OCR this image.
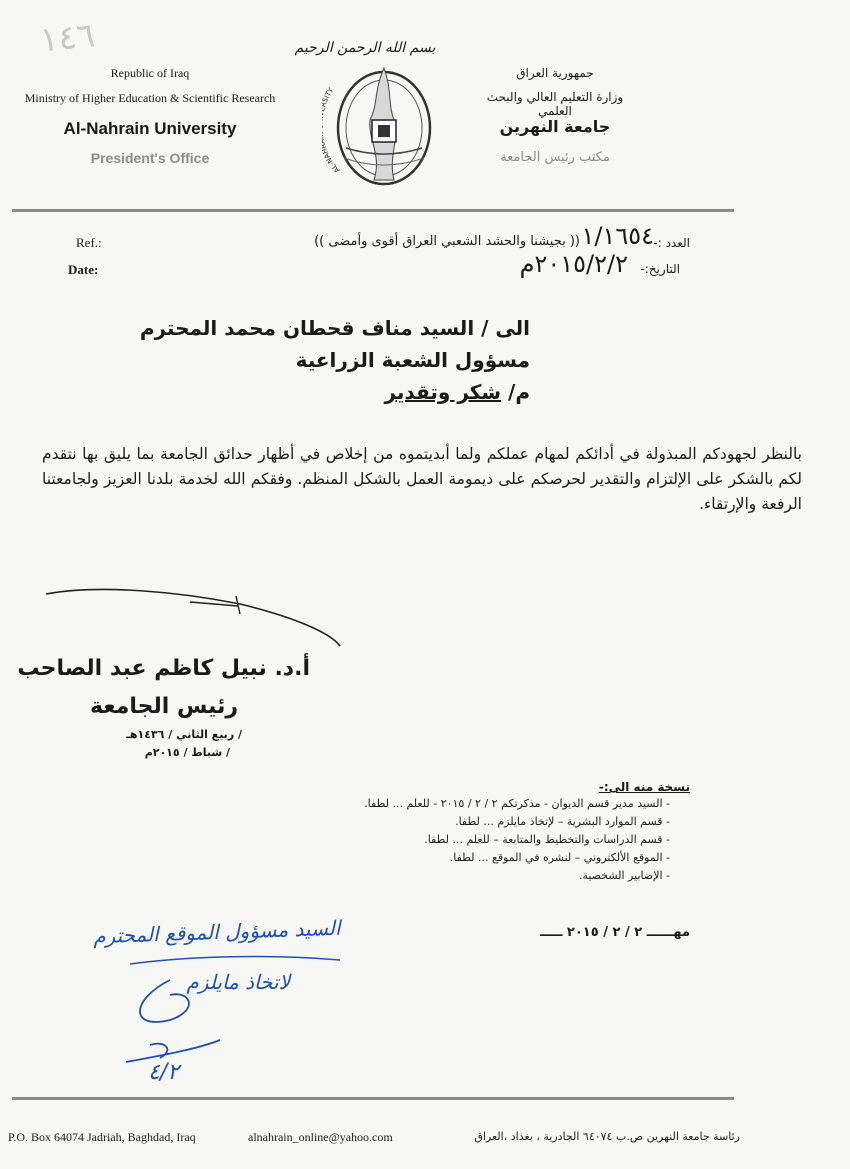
١٤٦
Republic of Iraq
Ministry of Higher Education & Scientific Research
Al-Nahrain University
President's Office
بسم الله الرحمن الرحيم
AL-NA ITY
جمهورية العراق
وزارة التعليم العالي والبحث العلمي
جامعة النهرين
مكتب رئيس الجامعة
Ref.:
Date:
العدد :-
١/١٦٥٤
(( بجيشنا والحشد الشعبي العراق أقوى وأمضى ))
التاريخ:-
٢٠١٥/٢/٢م
الى / السيد مناف قحطان محمد المحترم
مسؤول الشعبة الزراعية
م/ شكر وتقدير
بالنظر لجهودكم المبذولة في أدائكم لمهام عملكم ولما أبديتموه من إخلاص في أظهار حدائق الجامعة بما يليق بها نتقدم لكم بالشكر على الإلتزام والتقدير لحرصكم على ديمومة العمل بالشكل المنظم. وفقكم الله لخدمة بلدنا العزيز ولجامعتنا الرفعة والإرتقاء.
أ.د. نبيل كاظم عبد الصاحب
رئيس الجامعة
/ ربيع الثاني / ١٤٣٦هـ
/ شباط / ٢٠١٥م
نسخة منه الى:-
- السيد مدير قسم الديوان - مذكرتكم ٢ / ٢ / ٢٠١٥ - للعلم ... لطفا.
- قسم الموارد البشرية – لإتخاذ مايلزم ... لطفا.
- قسم الدراسات والتخطيط والمتابعة – للعلم ... لطفا.
- الموقع الألكتروني – لنشره في الموقع ... لطفا.
- الإضابير الشخصية.
مهــــــ ٢ / ٢ / ٢٠١٥ ـــــ
السيد مسؤول الموقع المحترم
لاتخاذ مايلزم
٤/٢
P.O. Box 64074 Jadriah, Baghdad, Iraq	alnahrain_online@yahoo.com	رئاسة جامعة النهرين ص.ب ٦٤٠٧٤ الجادرية ، بغداد ،العراق
